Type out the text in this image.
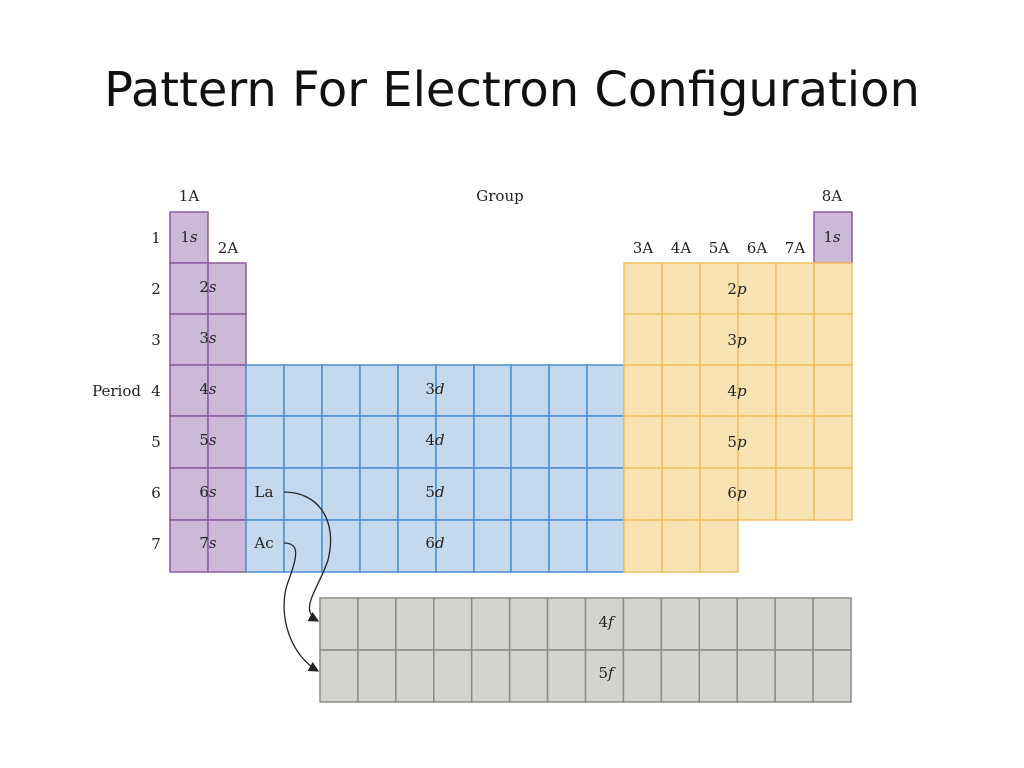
Pattern For Electron Configuration
Group
Period
1A
2A	3A 4A 5A 6A 7A
8A
1
2
3
4
5
6
7
1s	1s
2s
3s
4s
5s
6s
7s
3d
4d
5d
6d
La
Ac
2p
3p
4p
5p
6p
4f
5f
